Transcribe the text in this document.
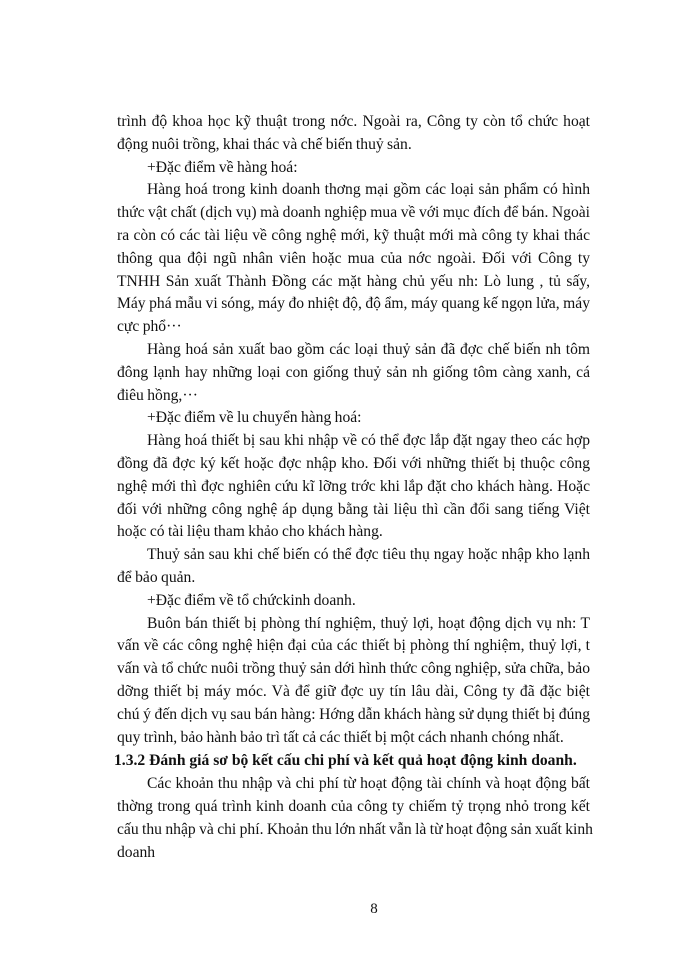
trình độ khoa học kỹ thuật trong nớc. Ngoài ra, Công ty còn tổ chức hoạt
động nuôi trồng, khai thác và chế biến thuỷ sản.
+Đặc điểm về hàng hoá:
Hàng hoá trong kinh doanh thơng mại gồm các loại sản phẩm có hình
thức vật chất (dịch vụ) mà doanh nghiệp mua về với mục đích để bán. Ngoài
ra còn có các tài liệu về công nghệ mới, kỹ thuật mới mà công ty khai thác
thông qua đội ngũ nhân viên hoặc mua của nớc ngoài. Đối với Công ty
TNHH Sản xuất Thành Đồng các mặt hàng chủ yếu nh: Lò lung , tủ sấy,
Máy phá mẫu vi sóng, máy đo nhiệt độ, độ ẩm, máy quang kế ngọn lửa, máy
cực phổ···
Hàng hoá sản xuất bao gồm các loại thuỷ sản đã đợc chế biến nh tôm
đông lạnh hay những loại con giống thuỷ sản nh giống tôm càng xanh, cá
điêu hồng,···
+Đặc điểm về lu chuyển hàng hoá:
Hàng hoá thiết bị sau khi nhập về có thể đợc lắp đặt ngay theo các hợp
đồng đã đợc ký kết hoặc đợc nhập kho. Đối với những thiết bị thuộc công
nghệ mới thì đợc nghiên cứu kĩ lỡng trớc khi lắp đặt cho khách hàng. Hoặc
đối với những công nghệ áp dụng bằng tài liệu thì cần đổi sang tiếng Việt
hoặc có tài liệu tham khảo cho khách hàng.
Thuỷ sản sau khi chế biến có thể đợc tiêu thụ ngay hoặc nhập kho lạnh
để bảo quản.
+Đặc điểm về tổ chứckinh doanh.
Buôn bán thiết bị phòng thí nghiệm, thuỷ lợi, hoạt động dịch vụ nh: T
vấn về các công nghệ hiện đại của các thiết bị phòng thí nghiệm, thuỷ lợi, t
vấn và tổ chức nuôi trồng thuỷ sản dới hình thức công nghiệp, sửa chữa, bảo
dỡng thiết bị máy móc. Và để giữ đợc uy tín lâu dài, Công ty đã đặc biệt
chú ý đến dịch vụ sau bán hàng: Hớng dẫn khách hàng sử dụng thiết bị đúng
quy trình, bảo hành bảo trì tất cả các thiết bị một cách nhanh chóng nhất.
1.3.2 Đánh giá sơ bộ kết cấu chi phí và kết quả hoạt động kinh doanh.
Các khoản thu nhập và chi phí từ hoạt động tài chính và hoạt động bất
thờng trong quá trình kinh doanh của công ty chiếm tỷ trọng nhỏ trong kết
cấu thu nhập và chi phí. Khoản thu lớn nhất vẫn là từ hoạt động sản xuất kinh
doanh
8
